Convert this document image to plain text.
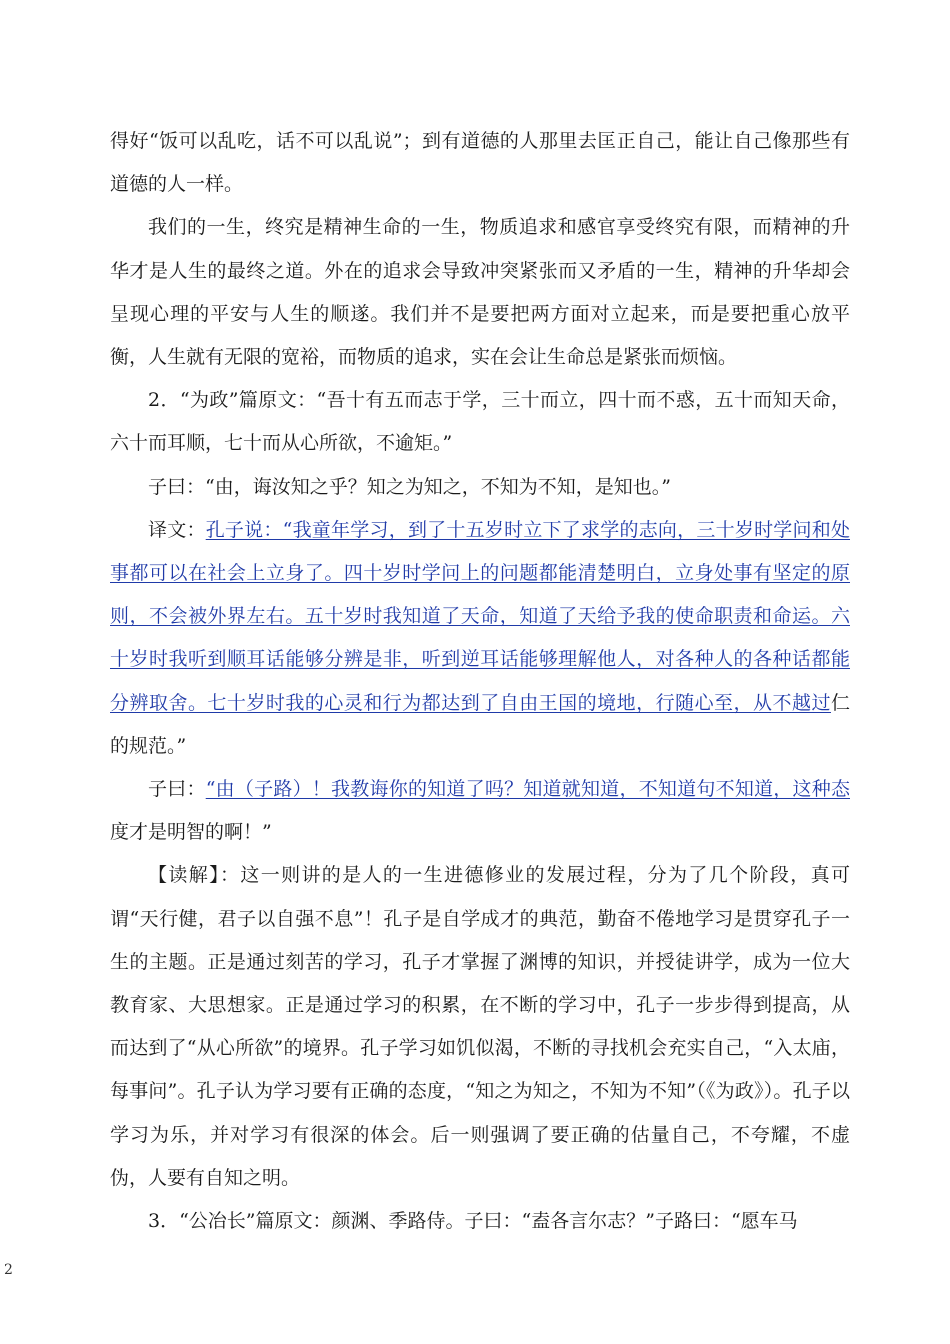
得好“饭可以乱吃，话不可以乱说”；到有道德的人那里去匡正自己，能让自己像那些有道德的人一样。

我们的一生，终究是精神生命的一生，物质追求和感官享受终究有限，而精神的升华才是人生的最终之道。外在的追求会导致冲突紧张而又矛盾的一生，精神的升华却会呈现心理的平安与人生的顺遂。我们并不是要把两方面对立起来，而是要把重心放平衡，人生就有无限的宽裕，而物质的追求，实在会让生命总是紧张而烦恼。

2．“为政”篇原文：“吾十有五而志于学，三十而立，四十而不惑，五十而知天命，六十而耳顺，七十而从心所欲，不逾矩。”

子曰：“由，诲汝知之乎？知之为知之，不知为不知，是知也。”

译文：孔子说：“我童年学习，到了十五岁时立下了求学的志向，三十岁时学问和处事都可以在社会上立身了。四十岁时学问上的问题都能清楚明白，立身处事有坚定的原则，不会被外界左右。五十岁时我知道了天命，知道了天给予我的使命职责和命运。六十岁时我听到顺耳话能够分辨是非，听到逆耳话能够理解他人，对各种人的各种话都能分辨取舍。七十岁时我的心灵和行为都达到了自由王国的境地，行随心至，从不越过仁的规范。”

子曰：“由（子路）！我教诲你的知道了吗？知道就知道，不知道句不知道，这种态度才是明智的啊！”

【读解】：这一则讲的是人的一生进德修业的发展过程，分为了几个阶段，真可谓“天行健，君子以自强不息”！孔子是自学成才的典范，勤奋不倦地学习是贯穿孔子一生的主题。正是通过刻苦的学习，孔子才掌握了渊博的知识，并授徒讲学，成为一位大教育家、大思想家。正是通过学习的积累，在不断的学习中，孔子一步步得到提高，从而达到了“从心所欲”的境界。孔子学习如饥似渴，不断的寻找机会充实自己，“入太庙，每事问”。孔子认为学习要有正确的态度，“知之为知之，不知为不知”（《为政》）。孔子以学习为乐，并对学习有很深的体会。后一则强调了要正确的估量自己，不夸耀，不虚伪，人要有自知之明。

3．“公冶长”篇原文：颜渊、季路侍。子曰：“盍各言尔志？”子路曰：“愿车马

2
